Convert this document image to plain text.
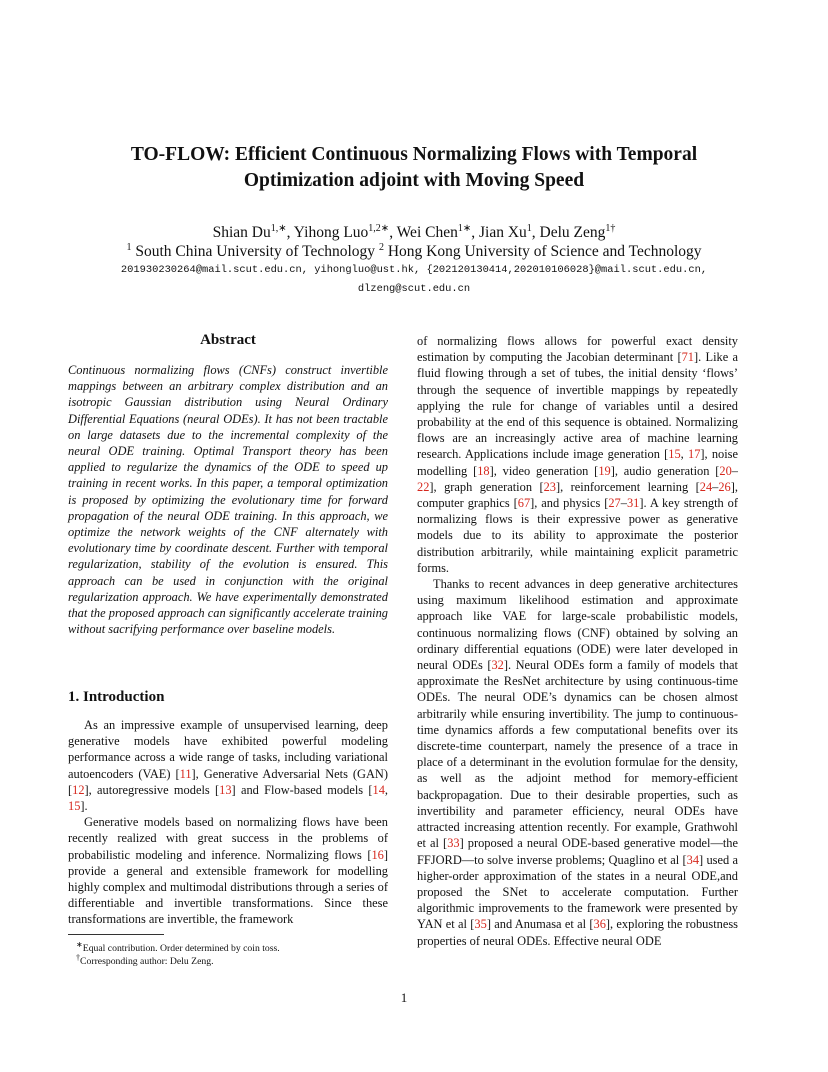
TO-FLOW: Efficient Continuous Normalizing Flows with Temporal
Optimization adjoint with Moving Speed
Shian $Du^{1,∗}$, Yihong Luo$^{1,2∗}$, Wei Chen$^{1∗}$, Jian Xu$^1$, Delu Zeng$^{1\dagger}$
$^1$ South China University of Technology $^2$ Hong Kong University of Science and Technology
201930230264@mail.scut.edu.cn, yihongluo@ust.hk, {202120130414,202010106028}@mail.scut.edu.cn,
dlzeng@scut.edu.cn
Abstract

Continuous normalizing flows (CNFs) construct invertible mappings between an arbitrary complex distribution and an isotropic Gaussian distribution using Neural Ordinary Differential Equations (neural ODEs). It has not been tractable on large datasets due to the incremental complexity of the neural ODE training. Optimal Transport theory has been applied to regularize the dynamics of the ODE to speed up training in recent works. In this paper, a temporal optimization is proposed by optimizing the evolutionary time for forward propagation of the neural ODE training. In this approach, we optimize the network weights of the CNF alternately with evolutionary time by coordinate descent. Further with temporal regularization, stability of the evolution is ensured. This approach can be used in conjunction with the original regularization approach. We have experimentally demonstrated that the proposed approach can significantly accelerate training without sacrifying performance over baseline models.

1. Introduction

As an impressive example of unsupervised learning, deep generative models have exhibited powerful modeling performance across a wide range of tasks, including variational autoencoders (VAE) [11], Generative Adversarial Nets (GAN) [12], autoregressive models [13] and Flow-based models [14, 15].

Generative models based on normalizing flows have been recently realized with great success in the problems of probabilistic modeling and inference. Normalizing flows [16] provide a general and extensible framework for modelling highly complex and multimodal distributions through a series of differentiable and invertible transformations. Since these transformations are invertible, the framework

of normalizing flows allows for powerful exact density estimation by computing the Jacobian determinant [71]. Like a fluid flowing through a set of tubes, the initial density ‘flows’ through the sequence of invertible mappings by repeatedly applying the rule for change of variables until a desired probability at the end of this sequence is obtained. Normalizing flows are an increasingly active area of machine learning research. Applications include image generation [15, 17], noise modelling [18], video generation [19], audio generation [20–22], graph generation [23], reinforcement learning [24–26], computer graphics [67], and physics [27–31]. A key strength of normalizing flows is their expressive power as generative models due to its ability to approximate the posterior distribution arbitrarily, while maintaining explicit parametric forms.

Thanks to recent advances in deep generative architectures using maximum likelihood estimation and approximate approach like VAE for large-scale probabilistic models, continuous normalizing flows (CNF) obtained by solving an ordinary differential equations (ODE) were later developed in neural ODEs [32]. Neural ODEs form a family of models that approximate the ResNet architecture by using continuous-time ODEs. The neural ODE’s dynamics can be chosen almost arbitrarily while ensuring invertibility. The jump to continuous-time dynamics affords a few computational benefits over its discrete-time counterpart, namely the presence of a trace in place of a determinant in the evolution formulae for the density, as well as the adjoint method for memory-efficient backpropagation. Due to their desirable properties, such as invertibility and parameter efficiency, neural ODEs have attracted increasing attention recently. For example, Grathwohl et al [33] proposed a neural ODE-based generative model—the FFJORD—to solve inverse problems; Quaglino et al [34] used a higher-order approximation of the states in a neural ODE,and proposed the SNet to accelerate computation. Further algorithmic improvements to the framework were presented by YAN et al [35] and Anumasa et al [36], exploring the robustness properties of neural ODEs. Effective neural ODE

∗Equal contribution. Order determined by coin toss.
†Corresponding author: Delu Zeng.
1
